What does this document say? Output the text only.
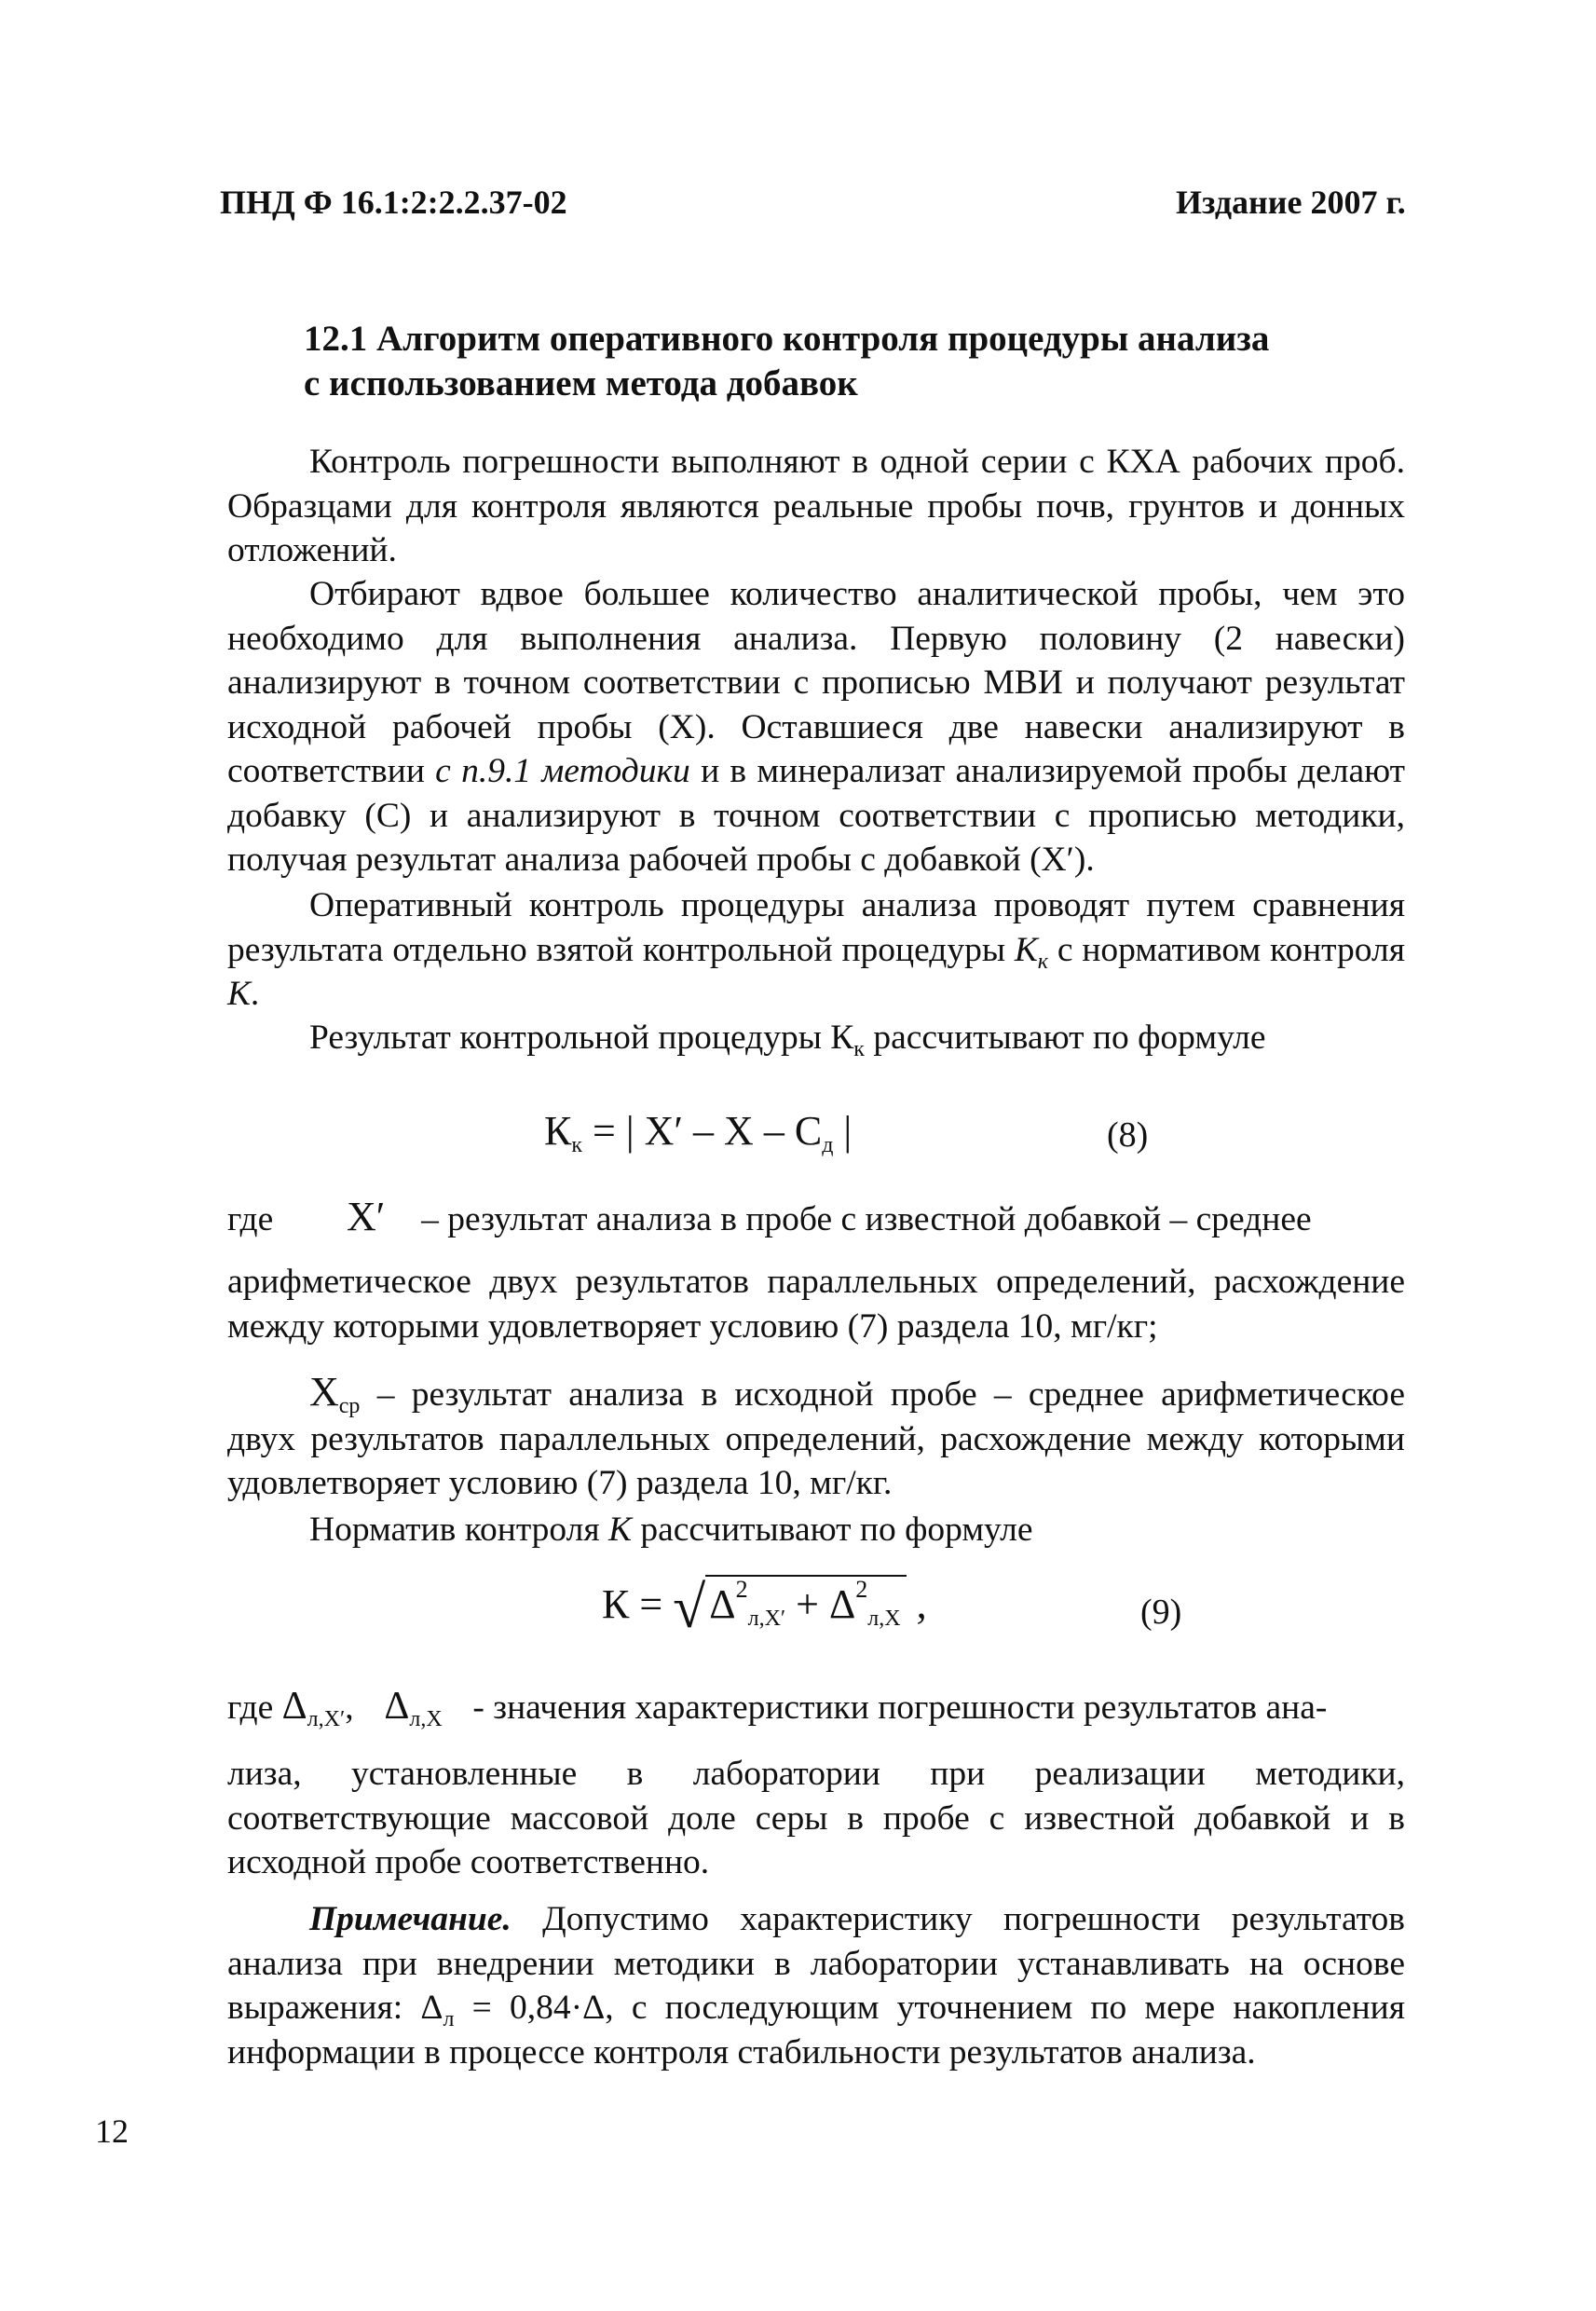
ПНД Ф 16.1:2:2.2.37-02	Издание 2007 г.
12.1 Алгоритм оперативного контроля процедуры анализа
с использованием метода добавок

Контроль погрешности выполняют в одной серии с КХА рабочих проб. Образцами для контроля являются реальные пробы почв, грунтов и донных отложений.

Отбирают вдвое большее количество аналитической пробы, чем это необходимо для выполнения анализа. Первую половину (2 навески) анализируют в точном соответствии с прописью МВИ и получают результат исходной рабочей пробы (X). Оставшиеся две навески анализируют в соответствии с п.9.1 методики и в минерализат анализируемой пробы делают добавку (С) и анализируют в точном соответствии с прописью методики, получая результат анализа рабочей пробы с добавкой (X′).

Оперативный контроль процедуры анализа проводят путем сравнения результата отдельно взятой контрольной процедуры $К_к$ с нормативом контроля К.

Результат контрольной процедуры $К_к$ рассчитывают по формуле

$К_к$ = | X′ – X – $C_д$ |	(8)
где X′ – результат анализа в пробе с известной добавкой – среднее

арифметическое двух результатов параллельных определений, расхождение между которыми удовлетворяет условию (7) раздела 10, мг/кг;

$X_{ср}$ – результат анализа в исходной пробе – среднее арифметическое двух результатов параллельных определений, расхождение между которыми удовлетворяет условию (7) раздела 10, мг/кг.

Норматив контроля К рассчитывают по формуле

$К = √\Delta^2_{л,X'} + \Delta^2_{л,X}$ ,	(9)
где $\Delta_{л,X'}$, $\Delta_{л,X}$ - значения характеристики погрешности результатов ана-

лиза, установленные в лаборатории при реализации методики, соответствующие массовой доле серы в пробе с известной добавкой и в исходной пробе соответственно.

Примечание. Допустимо характеристику погрешности результатов анализа при внедрении методики в лаборатории устанавливать на основе выражения: $\Delta_л = 0,84\cdot\Delta$, с последующим уточнением по мере накопления информации в процессе контроля стабильности результатов анализа.

12
